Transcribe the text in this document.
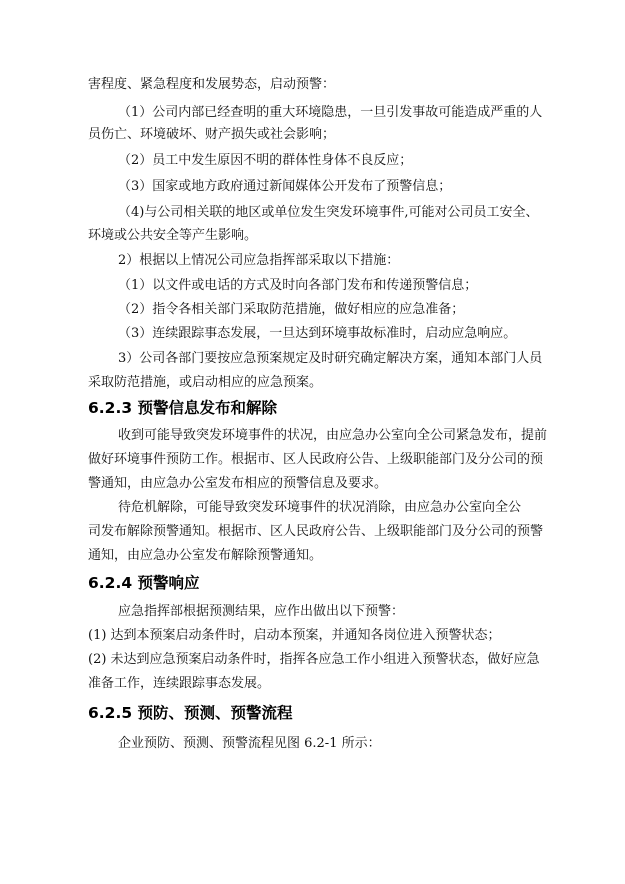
害程度、紧急程度和发展势态，启动预警：
（1）公司内部已经查明的重大环境隐患，一旦引发事故可能造成严重的人
员伤亡、环境破坏、财产损失或社会影响；
（2）员工中发生原因不明的群体性身体不良反应；
（3）国家或地方政府通过新闻媒体公开发布了预警信息；
（4)与公司相关联的地区或单位发生突发环境事件,可能对公司员工安全、
环境或公共安全等产生影响。
2）根据以上情况公司应急指挥部采取以下措施：
（1）以文件或电话的方式及时向各部门发布和传递预警信息；
（2）指令各相关部门采取防范措施，做好相应的应急准备；
（3）连续跟踪事态发展，一旦达到环境事故标准时，启动应急响应。
3）公司各部门要按应急预案规定及时研究确定解决方案，通知本部门人员
采取防范措施，或启动相应的应急预案。
6.2.3 预警信息发布和解除
收到可能导致突发环境事件的状况，由应急办公室向全公司紧急发布，提前
做好环境事件预防工作。根据市、区人民政府公告、上级职能部门及分公司的预
警通知，由应急办公室发布相应的预警信息及要求。
待危机解除，可能导致突发环境事件的状况消除，由应急办公室向全公
司发布解除预警通知。根据市、区人民政府公告、上级职能部门及分公司的预警
通知，由应急办公室发布解除预警通知。
6.2.4 预警响应
应急指挥部根据预测结果，应作出做出以下预警：
(1) 达到本预案启动条件时，启动本预案，并通知各岗位进入预警状态；
(2) 未达到应急预案启动条件时，指挥各应急工作小组进入预警状态，做好应急
准备工作，连续跟踪事态发展。
6.2.5 预防、预测、预警流程
企业预防、预测、预警流程见图 6.2-1 所示：
